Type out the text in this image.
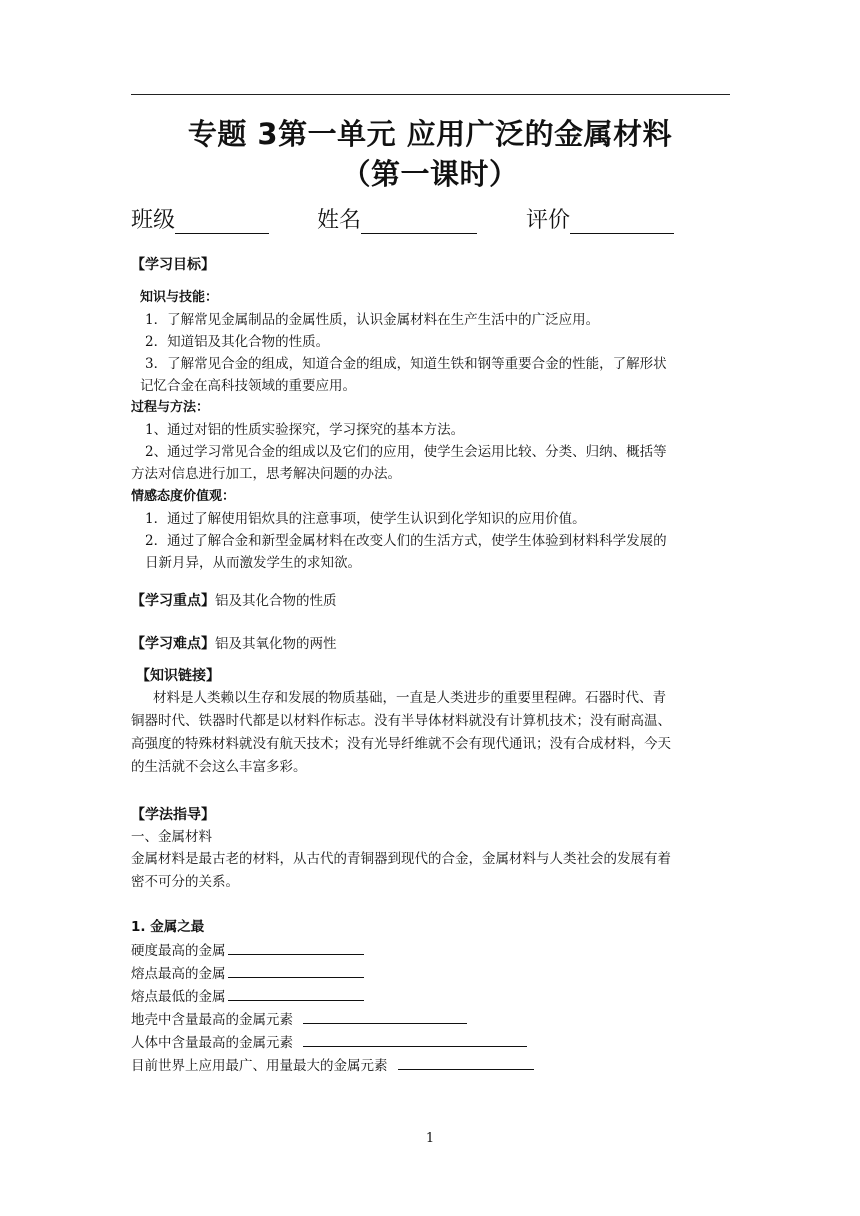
专题 3第一单元 应用广泛的金属材料
（第一课时）
班级	姓名	评价
【学习目标】
知识与技能：
1．了解常见金属制品的金属性质，认识金属材料在生产生活中的广泛应用。
2．知道铝及其化合物的性质。
3．了解常见合金的组成，知道合金的组成，知道生铁和钢等重要合金的性能，了解形状
记忆合金在高科技领域的重要应用。
过程与方法：
1、通过对铝的性质实验探究，学习探究的基本方法。
2、通过学习常见合金的组成以及它们的应用，使学生会运用比较、分类、归纳、概括等
方法对信息进行加工，思考解决问题的办法。
情感态度价值观：
1．通过了解使用铝炊具的注意事项，使学生认识到化学知识的应用价值。
2．通过了解合金和新型金属材料在改变人们的生活方式，使学生体验到材料科学发展的
日新月异，从而激发学生的求知欲。
【学习重点】铝及其化合物的性质
【学习难点】铝及其氧化物的两性
【知识链接】
材料是人类赖以生存和发展的物质基础，一直是人类进步的重要里程碑。石器时代、青
铜器时代、铁器时代都是以材料作标志。没有半导体材料就没有计算机技术；没有耐高温、
高强度的特殊材料就没有航天技术；没有光导纤维就不会有现代通讯；没有合成材料，今天
的生活就不会这么丰富多彩。
【学法指导】
一、金属材料
金属材料是最古老的材料，从古代的青铜器到现代的合金，金属材料与人类社会的发展有着
密不可分的关系。
1. 金属之最
硬度最高的金属
熔点最高的金属
熔点最低的金属
地壳中含量最高的金属元素
人体中含量最高的金属元素
目前世界上应用最广、用量最大的金属元素
1
